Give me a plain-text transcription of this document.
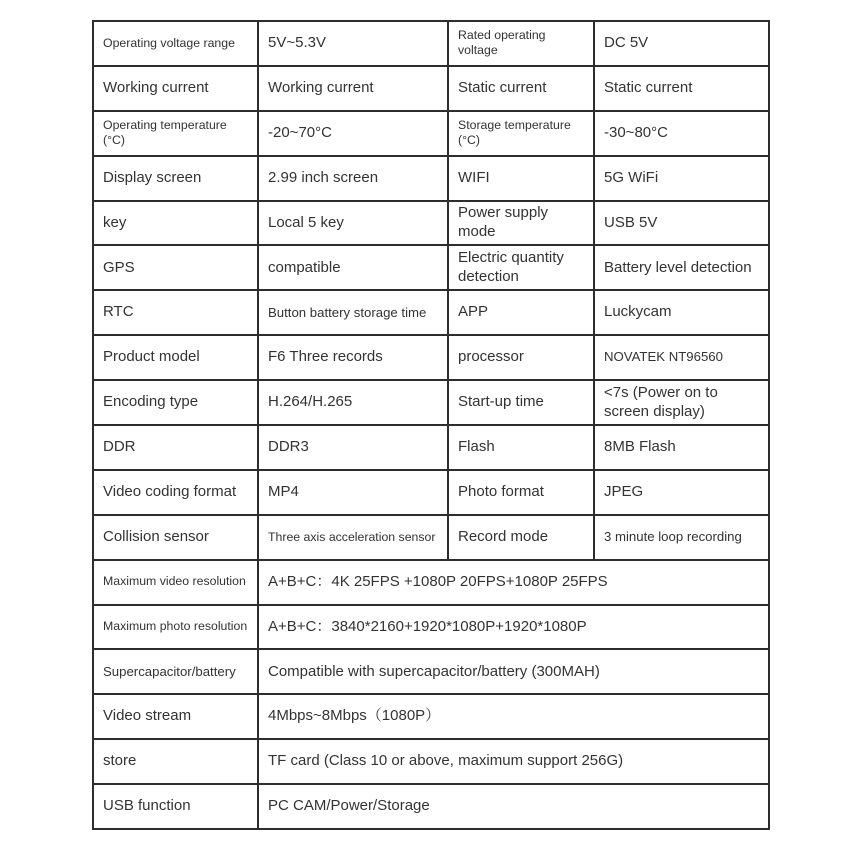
Operating voltage range	5V~5.3V	Rated operating voltage	DC 5V
Working current	Working current	Static current	Static current
Operating temperature (°C)	-20~70°C	Storage temperature (°C)	-30~80°C
Display screen	2.99 inch screen	WIFI	5G WiFi
key	Local 5 key	Power supply mode	USB 5V
GPS	compatible	Electric quantity detection	Battery level detection
RTC	Button battery storage time	APP	Luckycam
Product model	F6 Three records	processor	NOVATEK NT96560
Encoding type	H.264/H.265	Start-up time	<7s (Power on to screen display)
DDR	DDR3	Flash	8MB Flash
Video coding format	MP4	Photo format	JPEG
Collision sensor	Three axis acceleration sensor	Record mode	3 minute loop recording
Maximum video resolution	A+B+C：4K 25FPS +1080P 20FPS+1080P 25FPS		
Maximum photo resolution	A+B+C：3840*2160+1920*1080P+1920*1080P		
Supercapacitor/battery	Compatible with supercapacitor/battery (300MAH)		
Video stream	4Mbps~8Mbps（1080P）		
store	TF card (Class 10 or above, maximum support 256G)		
USB function	PC CAM/Power/Storage		
